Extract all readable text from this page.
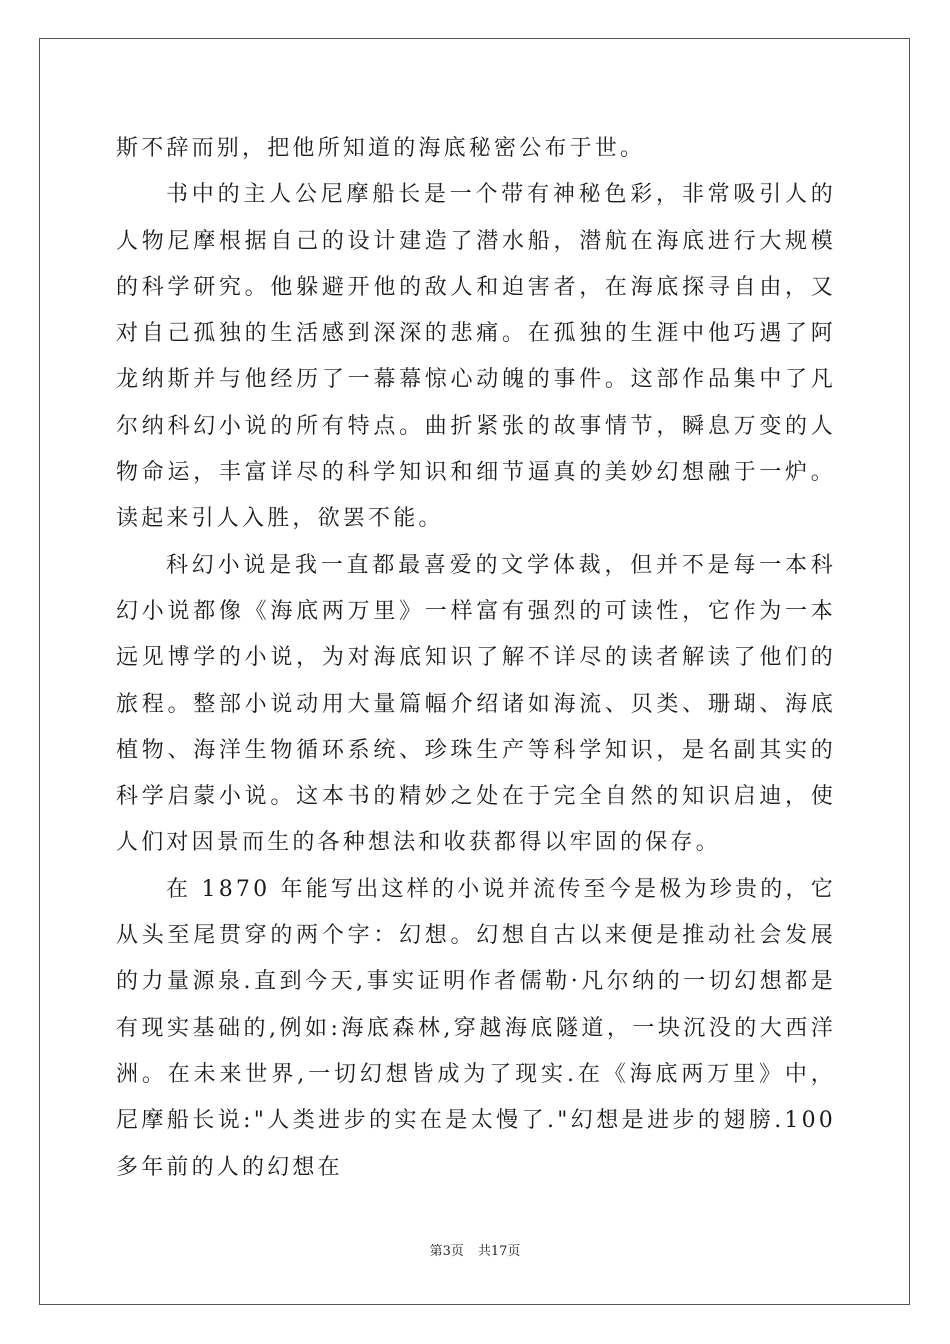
斯不辞而别，把他所知道的海底秘密公布于世。

书中的主人公尼摩船长是一个带有神秘色彩，非常吸引人的人物尼摩根据自己的设计建造了潜水船，潜航在海底进行大规模的科学研究。他躲避开他的敌人和迫害者，在海底探寻自由，又对自己孤独的生活感到深深的悲痛。在孤独的生涯中他巧遇了阿龙纳斯并与他经历了一幕幕惊心动魄的事件。这部作品集中了凡尔纳科幻小说的所有特点。曲折紧张的故事情节，瞬息万变的人物命运，丰富详尽的科学知识和细节逼真的美妙幻想融于一炉。读起来引人入胜，欲罢不能。

科幻小说是我一直都最喜爱的文学体裁，但并不是每一本科幻小说都像《海底两万里》一样富有强烈的可读性，它作为一本远见博学的小说，为对海底知识了解不详尽的读者解读了他们的旅程。整部小说动用大量篇幅介绍诸如海流、贝类、珊瑚、海底植物、海洋生物循环系统、珍珠生产等科学知识，是名副其实的科学启蒙小说。这本书的精妙之处在于完全自然的知识启迪，使人们对因景而生的各种想法和收获都得以牢固的保存。

在 1870 年能写出这样的小说并流传至今是极为珍贵的，它从头至尾贯穿的两个字：幻想。幻想自古以来便是推动社会发展的力量源泉.直到今天,事实证明作者儒勒·凡尔纳的一切幻想都是有现实基础的,例如:海底森林,穿越海底隧道，一块沉没的大西洋洲。在未来世界,一切幻想皆成为了现实.在《海底两万里》中，尼摩船长说:"人类进步的实在是太慢了."幻想是进步的翅膀.100 多年前的人的幻想在

第3页 共17页
